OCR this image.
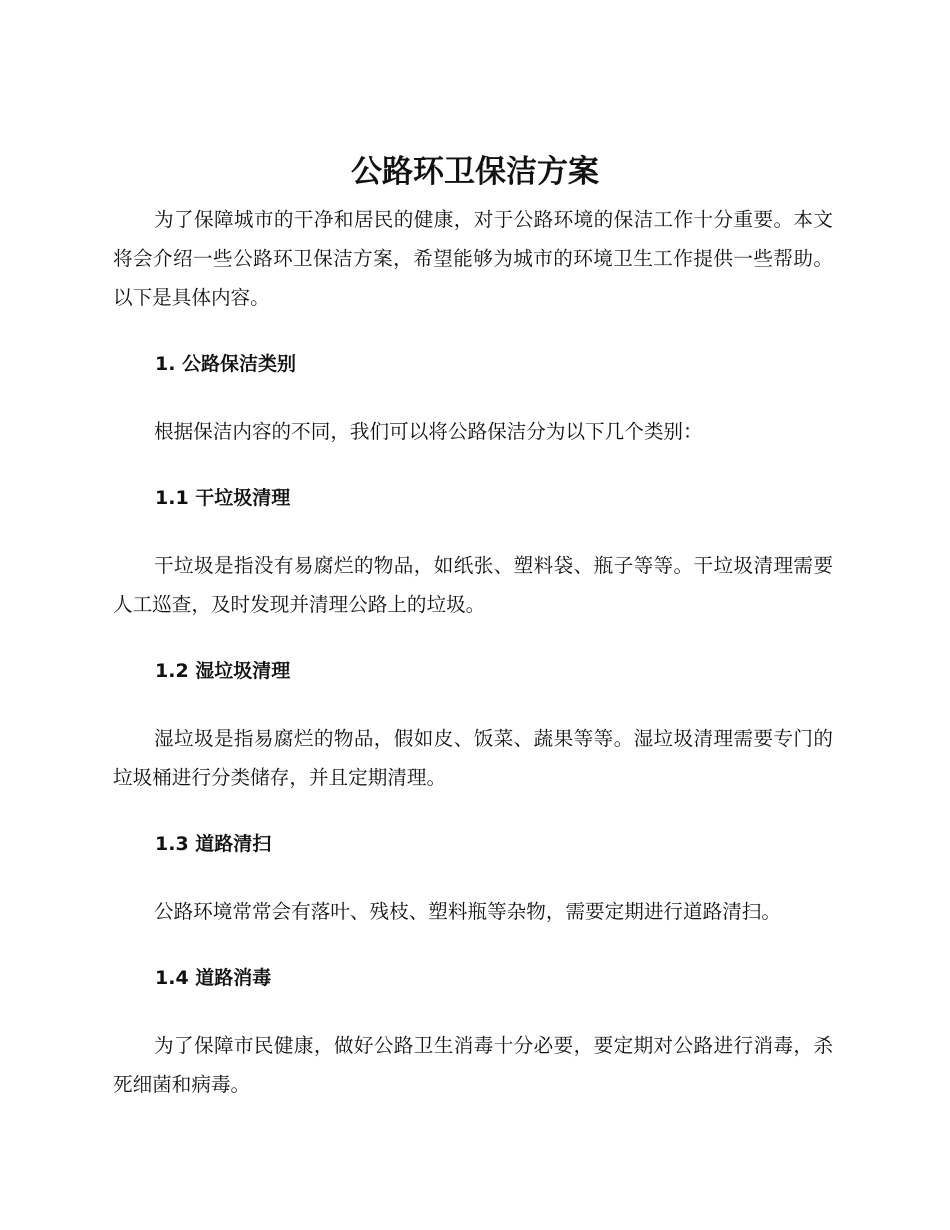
公路环卫保洁方案

为了保障城市的干净和居民的健康，对于公路环境的保洁工作十分重要。本文将会介绍一些公路环卫保洁方案，希望能够为城市的环境卫生工作提供一些帮助。以下是具体内容。

1. 公路保洁类别

根据保洁内容的不同，我们可以将公路保洁分为以下几个类别：

1.1 干垃圾清理

干垃圾是指没有易腐烂的物品，如纸张、塑料袋、瓶子等等。干垃圾清理需要人工巡查，及时发现并清理公路上的垃圾。

1.2 湿垃圾清理

湿垃圾是指易腐烂的物品，假如皮、饭菜、蔬果等等。湿垃圾清理需要专门的垃圾桶进行分类储存，并且定期清理。

1.3 道路清扫

公路环境常常会有落叶、残枝、塑料瓶等杂物，需要定期进行道路清扫。

1.4 道路消毒

为了保障市民健康，做好公路卫生消毒十分必要，要定期对公路进行消毒，杀死细菌和病毒。
